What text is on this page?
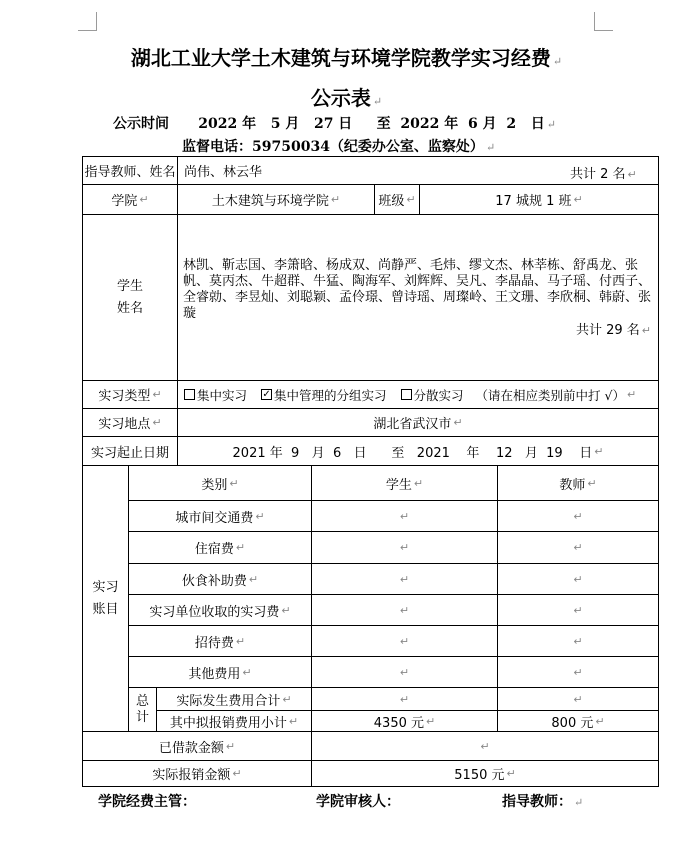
湖北工业大学土木建筑与环境学院教学实习经费 ↵
公示表 ↵
公示时间 2022 年   5 月   27 日     至  2022 年  6 月  2   日 ↵
监督电话：59750034（纪委办公室、监察处） ↵
指导教师、姓名 尚伟、林云华	共计 2 名 ↵
学院 ↵	土木建筑与环境学院 ↵	班级 ↵	17 城规 1 班 ↵
学生
姓名
林凯、靳志国、李箫晗、杨成双、尚静严、毛炜、缪文杰、林莘栋、舒禹龙、张帆、莫丙杰、牛超群、牛猛、陶海军、刘辉辉、吴凡、李晶晶、马子瑶、付西子、全睿勍、李昱灿、刘聪颖、孟伶璟、曾诗瑶、周璨岭、王文珊、李欣桐、韩蔚、张璇
共计 29 名 ↵
实习类型 ↵	集中实习 ✓ 集中管理的分组实习 分散实习 （请在相应类别前中打 √） ↵
实习地点 ↵	湖北省武汉市 ↵
实习起止日期	2021 年  9   月  6   日      至   2021    年    12   月  19    日 ↵
实习
账目
类别 ↵	学生 ↵	教师 ↵
城市间交通费 ↵	↵	↵
住宿费 ↵	↵	↵
伙食补助费 ↵	↵	↵
实习单位收取的实习费 ↵	↵	↵
招待费 ↵	↵	↵
其他费用 ↵	↵	↵
总
计
实际发生费用合计 ↵	↵	↵
其中拟报销费用小计 ↵	4350 元 ↵	800 元 ↵
已借款金额 ↵	↵
实际报销金额 ↵	5150 元 ↵
学院经费主管：	学院审核人：	指导教师： ↵
